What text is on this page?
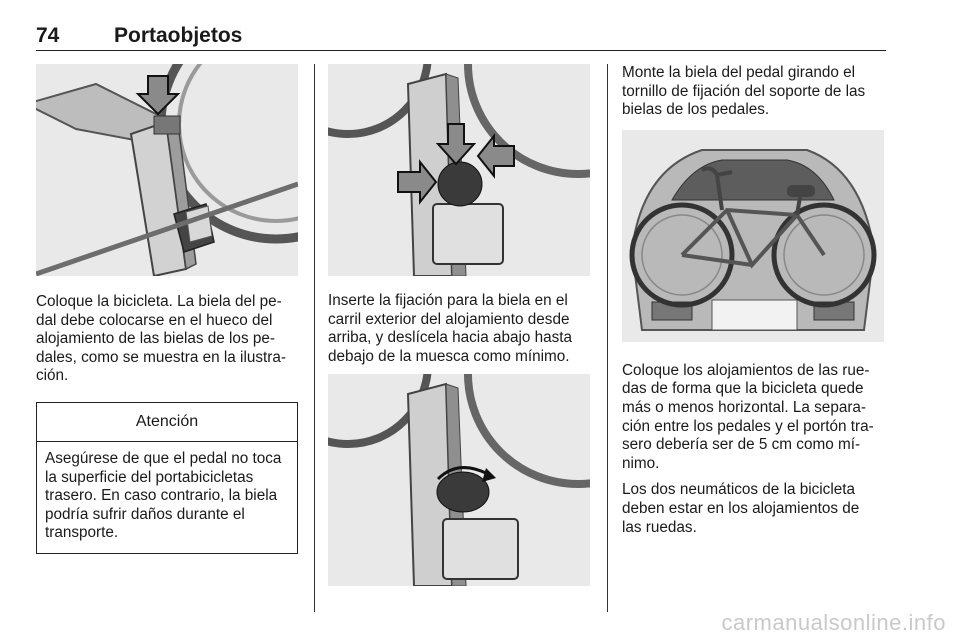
74	Portaobjetos

Coloque la bicicleta. La biela del pe-
dal debe colocarse en el hueco del
alojamiento de las bielas de los pe-
dales, como se muestra en la ilustra-
ción.

Atención
Asegúrese de que el pedal no toca
la superficie del portabicicletas
trasero. En caso contrario, la biela
podría sufrir daños durante el
transporte.

Inserte la fijación para la biela en el
carril exterior del alojamiento desde
arriba, y deslícela hacia abajo hasta
debajo de la muesca como mínimo.

Monte la biela del pedal girando el
tornillo de fijación del soporte de las
bielas de los pedales.

Coloque los alojamientos de las rue-
das de forma que la bicicleta quede
más o menos horizontal. La separa-
ción entre los pedales y el portón tra-
sero debería ser de 5 cm como mí-
nimo.

Los dos neumáticos de la bicicleta
deben estar en los alojamientos de
las ruedas.

carmanualsonline.info
